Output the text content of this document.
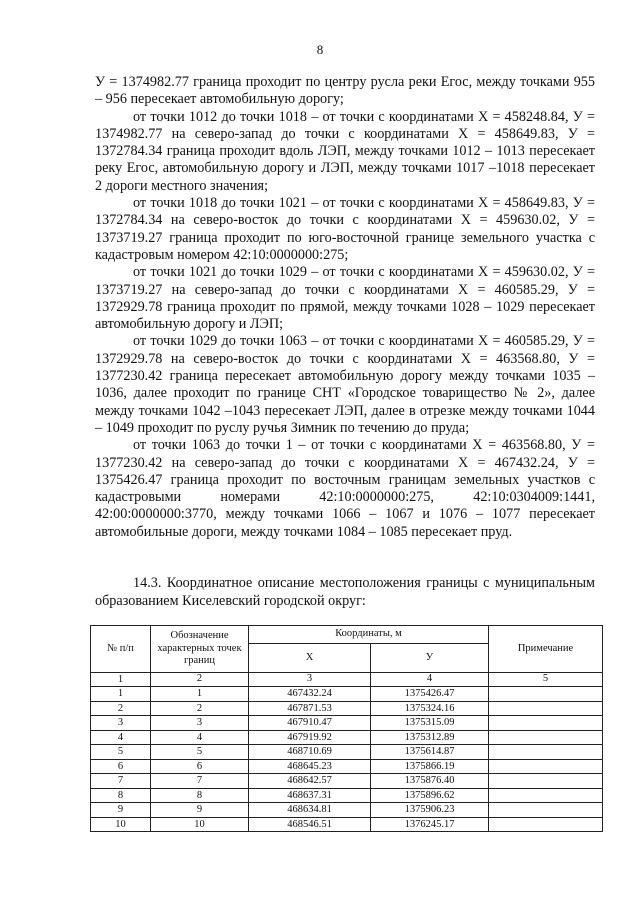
8

У = 1374982.77 граница проходит по центру русла реки Егос, между точками 955 – 956 пересекает автомобильную дорогу;

от точки 1012 до точки 1018 – от точки с координатами Х = 458248.84, У = 1374982.77 на северо-запад до точки с координатами Х = 458649.83, У = 1372784.34 граница проходит вдоль ЛЭП, между точками 1012 – 1013 пересекает реку Егос, автомобильную дорогу и ЛЭП, между точками 1017 –1018 пересекает 2 дороги местного значения;

от точки 1018 до точки 1021 – от точки с координатами Х = 458649.83, У = 1372784.34 на северо-восток до точки с координатами Х = 459630.02, У = 1373719.27 граница проходит по юго-восточной границе земельного участка с кадастровым номером 42:10:0000000:275;

от точки 1021 до точки 1029 – от точки с координатами Х = 459630.02, У = 1373719.27 на северо-запад до точки с координатами Х = 460585.29, У = 1372929.78 граница проходит по прямой, между точками 1028 – 1029 пересекает автомобильную дорогу и ЛЭП;

от точки 1029 до точки 1063 – от точки с координатами Х = 460585.29, У = 1372929.78 на северо-восток до точки с координатами Х = 463568.80, У = 1377230.42 граница пересекает автомобильную дорогу между точками 1035 – 1036, далее проходит по границе СНТ «Городское товарищество № 2», далее между точками 1042 –1043 пересекает ЛЭП, далее в отрезке между точками 1044 – 1049 проходит по руслу ручья Зимник по течению до пруда;

от точки 1063 до точки 1 – от точки с координатами Х = 463568.80, У = 1377230.42 на северо-запад до точки с координатами Х = 467432.24, У = 1375426.47 граница проходит по восточным границам земельных участков с кадастровыми номерами 42:10:0000000:275, 42:10:0304009:1441, 42:00:0000000:3770, между точками 1066 – 1067 и 1076 – 1077 пересекает автомобильные дороги, между точками 1084 – 1085 пересекает пруд.

14.3. Координатное описание местоположения границы с муниципальным образованием Киселевский городской округ:
№ п/п	Обозначение характерных точек границ	Координаты, м		Примечание
		Х	У	
1	2	3	4	5
1	1	467432.24	1375426.47	
2	2	467871.53	1375324.16	
3	3	467910.47	1375315.09	
4	4	467919.92	1375312.89	
5	5	468710.69	1375614.87	
6	6	468645.23	1375866.19	
7	7	468642.57	1375876.40	
8	8	468637.31	1375896.62	
9	9	468634.81	1375906.23	
10	10	468546.51	1376245.17	
